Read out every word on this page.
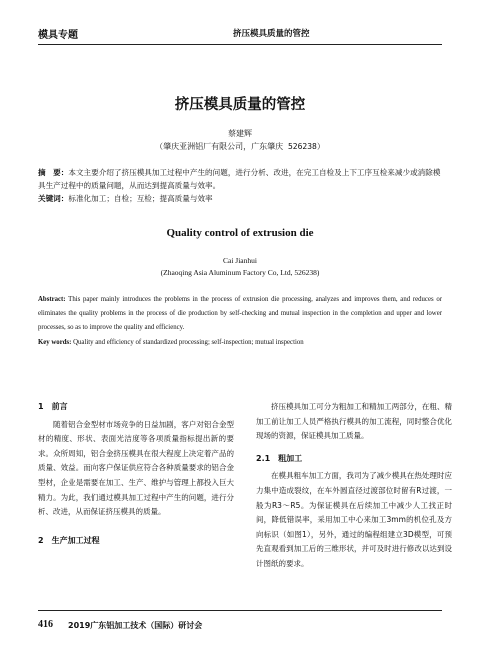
模具专题	挤压模具质量的管控
挤压模具质量的管控
蔡建辉
（肇庆亚洲铝厂有限公司，广东肇庆 526238）
摘　要：本文主要介绍了挤压模具加工过程中产生的问题，进行分析、改进，在完工自检及上下工序互检来减少或消除模具生产过程中的质量问题，从而达到提高质量与效率。
关键词：标准化加工；自检；互检；提高质量与效率
Quality control of extrusion die
Cai Jianhui
(Zhaoqing Asia Aluminum Factory Co, Ltd, 526238)
Abstract: This paper mainly introduces the problems in the process of extrusion die processing, analyzes and improves them, and reduces or eliminates the quality problems in the process of die production by self-checking and mutual inspection in the completion and upper and lower processes, so as to improve the quality and efficiency.
Key words: Quality and efficiency of standardized processing; self-inspection; mutual inspection
1　前言

随着铝合金型材市场竞争的日益加剧，客户对铝合金型材的精度、形状、表面光洁度等各项质量指标提出新的要求。众所周知，铝合金挤压模具在很大程度上决定着产品的质量、效益。而向客户保证供应符合各种质量要求的铝合金型材，企业是需要在加工、生产、维护与管理上都投入巨大精力。为此，我们通过模具加工过程中产生的问题，进行分析、改进，从而保证挤压模具的质量。

2　生产加工过程

挤压模具加工可分为粗加工和精加工两部分，在粗、精加工前让加工人员严格执行模具的加工流程，同时整合优化现场的资源，保证模具加工质量。

2.1　粗加工

在模具粗车加工方面，我司为了减少模具在热处理时应力集中造成裂纹，在车外圆直径过渡部位时留有R过渡，一般为R3～R5。为保证模具在后续加工中减少人工找正时间，降低错误率，采用加工中心来加工3mm的机位孔及方向标识（如图1），另外，通过的编程组建立3D模型，可预先直观看到加工后的三维形状，并可及时进行修改以达到设计图纸的要求。

416 2019广东铝加工技术（国际）研讨会
